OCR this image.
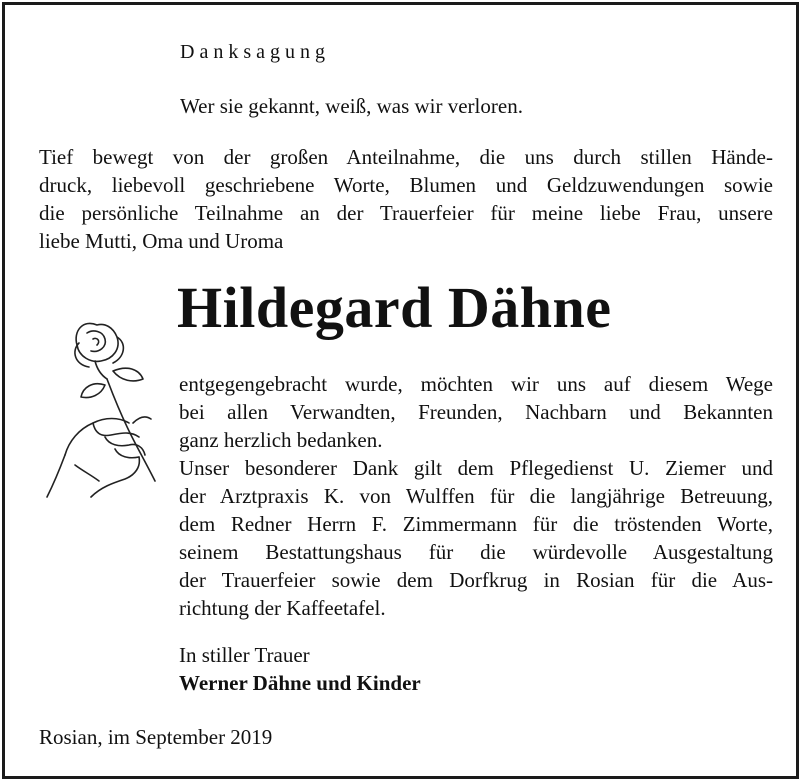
Danksagung
Wer sie gekannt, weiß, was wir verloren.
Tief bewegt von der großen Anteilnahme, die uns durch stillen Hände-
druck, liebevoll geschriebene Worte, Blumen und Geldzuwendungen sowie
die persönliche Teilnahme an der Trauerfeier für meine liebe Frau, unsere
liebe Mutti, Oma und Uroma
Hildegard Dähne
entgegengebracht wurde, möchten wir uns auf diesem Wege
bei allen Verwandten, Freunden, Nachbarn und Bekannten
ganz herzlich bedanken.
Unser besonderer Dank gilt dem Pflegedienst U. Ziemer und
der Arztpraxis K. von Wulffen für die langjährige Betreuung,
dem Redner Herrn F. Zimmermann für die tröstenden Worte,
seinem Bestattungshaus für die würdevolle Ausgestaltung
der Trauerfeier sowie dem Dorfkrug in Rosian für die Aus-
richtung der Kaffeetafel.
In stiller Trauer
Werner Dähne und Kinder
Rosian, im September 2019
